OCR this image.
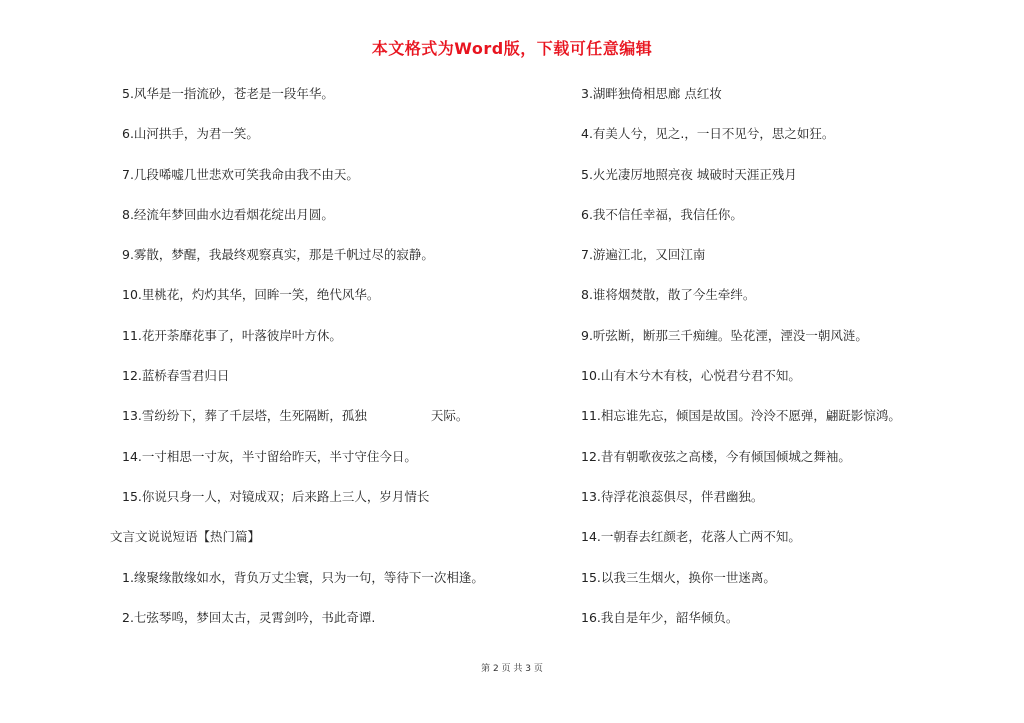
本文格式为Word版，下载可任意编辑
5.风华是一指流砂，苍老是一段年华。
6.山河拱手，为君一笑。
7.几段唏嘘几世悲欢可笑我命由我不由天。
8.经流年梦回曲水边看烟花绽出月圆。
9.雾散，梦醒，我最终观察真实，那是千帆过尽的寂静。
10.里桃花，灼灼其华，回眸一笑，绝代风华。
11.花开荼靡花事了，叶落彼岸叶方休。
12.蓝桥春雪君归日
13.雪纷纷下，葬了千层塔，生死隔断，孤独	天际。
14.一寸相思一寸灰，半寸留给昨天，半寸守住今日。
15.你说只身一人，对镜成双；后来路上三人，岁月情长
文言文说说短语【热门篇】
1.缘聚缘散缘如水，背负万丈尘寰，只为一句，等待下一次相逢。
2.七弦琴鸣，梦回太古，灵霄剑吟，书此奇谭.
3.湖畔独倚相思廊 点红妆
4.有美人兮，见之.，一日不见兮，思之如狂。
5.火光凄厉地照亮夜 城破时天涯正残月
6.我不信任幸福，我信任你。
7.游遍江北，又回江南
8.谁将烟焚散，散了今生牵绊。
9.听弦断，断那三千痴缠。坠花湮，湮没一朝风涟。
10.山有木兮木有枝，心悦君兮君不知。
11.相忘谁先忘，倾国是故国。泠泠不愿弹，翩跹影惊鸿。
12.昔有朝歌夜弦之高楼，今有倾国倾城之舞袖。
13.待浮花浪蕊俱尽，伴君幽独。
14.一朝春去红颜老，花落人亡两不知。
15.以我三生烟火，换你一世迷离。
16.我自是年少，韶华倾负。
第 2 页 共 3 页
